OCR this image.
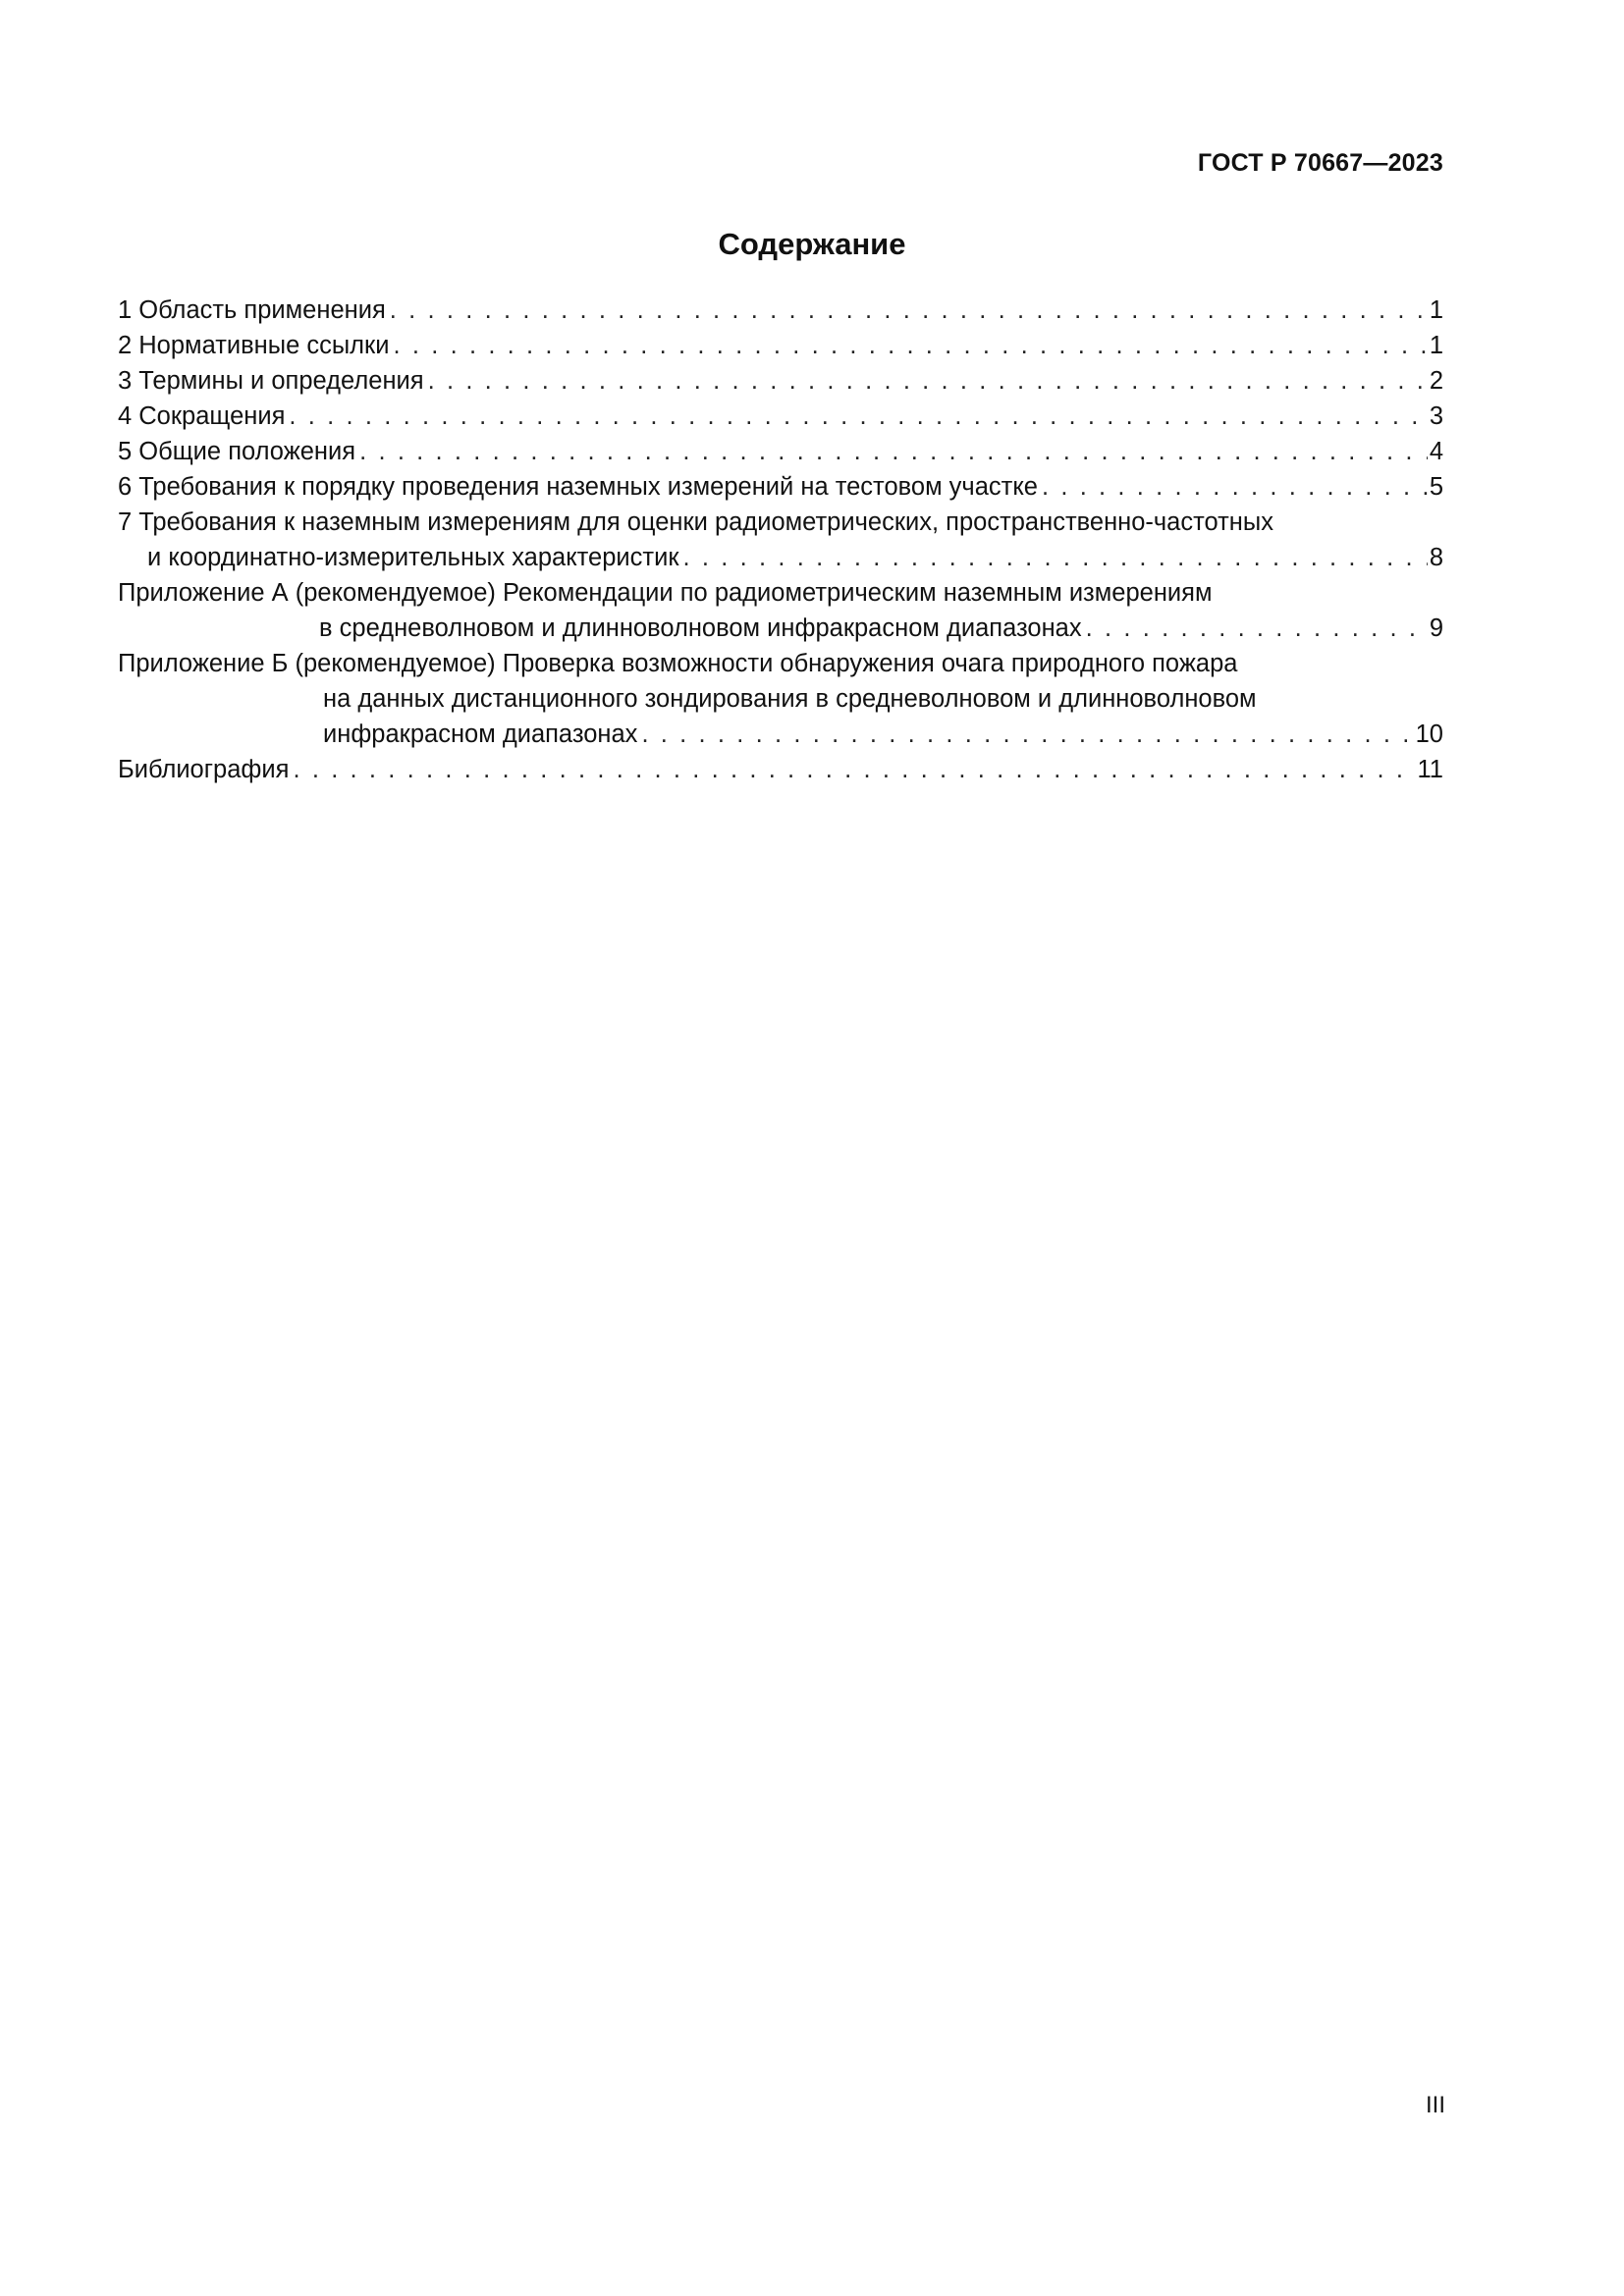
ГОСТ Р 70667—2023
Содержание
1 Область применения . . .	1
2 Нормативные ссылки . . .	1
3 Термины и определения . . .	2
4 Сокращения . . .	3
5 Общие положения . . .	4
6 Требования к порядку проведения наземных измерений на тестовом участке . . .	5
7 Требования к наземным измерениям для оценки радиометрических, пространственно-частотных
и координатно-измерительных характеристик . . .	8
Приложение А (рекомендуемое) Рекомендации по радиометрическим наземным измерениям
в средневолновом и длинноволновом инфракрасном диапазонах . . .	9
Приложение Б (рекомендуемое) Проверка возможности обнаружения очага природного пожара
на данных дистанционного зондирования в средневолновом и длинноволновом
инфракрасном диапазонах . . .	10
Библиография . . .	11
III
